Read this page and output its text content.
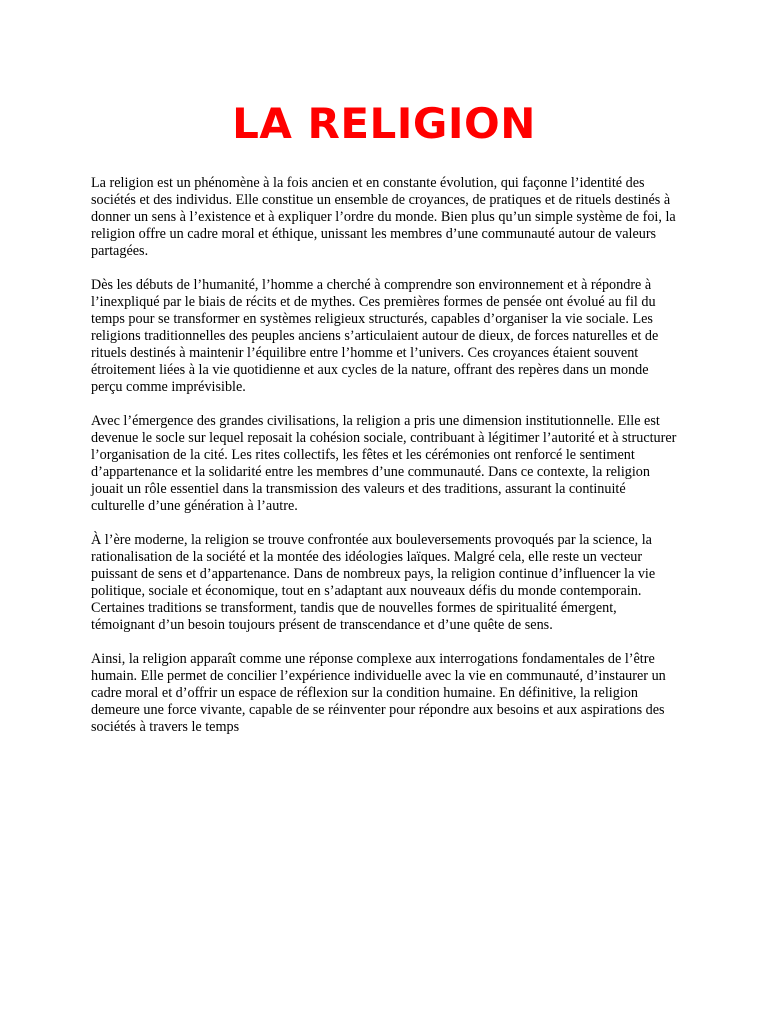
LA RELIGION

La religion est un phénomène à la fois ancien et en constante évolution, qui façonne l’identité des sociétés et des individus. Elle constitue un ensemble de croyances, de pratiques et de rituels destinés à donner un sens à l’existence et à expliquer l’ordre du monde. Bien plus qu’un simple système de foi, la religion offre un cadre moral et éthique, unissant les membres d’une communauté autour de valeurs partagées.

Dès les débuts de l’humanité, l’homme a cherché à comprendre son environnement et à répondre à l’inexpliqué par le biais de récits et de mythes. Ces premières formes de pensée ont évolué au fil du temps pour se transformer en systèmes religieux structurés, capables d’organiser la vie sociale. Les religions traditionnelles des peuples anciens s’articulaient autour de dieux, de forces naturelles et de rituels destinés à maintenir l’équilibre entre l’homme et l’univers. Ces croyances étaient souvent étroitement liées à la vie quotidienne et aux cycles de la nature, offrant des repères dans un monde perçu comme imprévisible.

Avec l’émergence des grandes civilisations, la religion a pris une dimension institutionnelle. Elle est devenue le socle sur lequel reposait la cohésion sociale, contribuant à légitimer l’autorité et à structurer l’organisation de la cité. Les rites collectifs, les fêtes et les cérémonies ont renforcé le sentiment d’appartenance et la solidarité entre les membres d’une communauté. Dans ce contexte, la religion jouait un rôle essentiel dans la transmission des valeurs et des traditions, assurant la continuité culturelle d’une génération à l’autre.

À l’ère moderne, la religion se trouve confrontée aux bouleversements provoqués par la science, la rationalisation de la société et la montée des idéologies laïques. Malgré cela, elle reste un vecteur puissant de sens et d’appartenance. Dans de nombreux pays, la religion continue d’influencer la vie politique, sociale et économique, tout en s’adaptant aux nouveaux défis du monde contemporain. Certaines traditions se transforment, tandis que de nouvelles formes de spiritualité émergent, témoignant d’un besoin toujours présent de transcendance et d’une quête de sens.

Ainsi, la religion apparaît comme une réponse complexe aux interrogations fondamentales de l’être humain. Elle permet de concilier l’expérience individuelle avec la vie en communauté, d’instaurer un cadre moral et d’offrir un espace de réflexion sur la condition humaine. En définitive, la religion demeure une force vivante, capable de se réinventer pour répondre aux besoins et aux aspirations des sociétés à travers le temps
